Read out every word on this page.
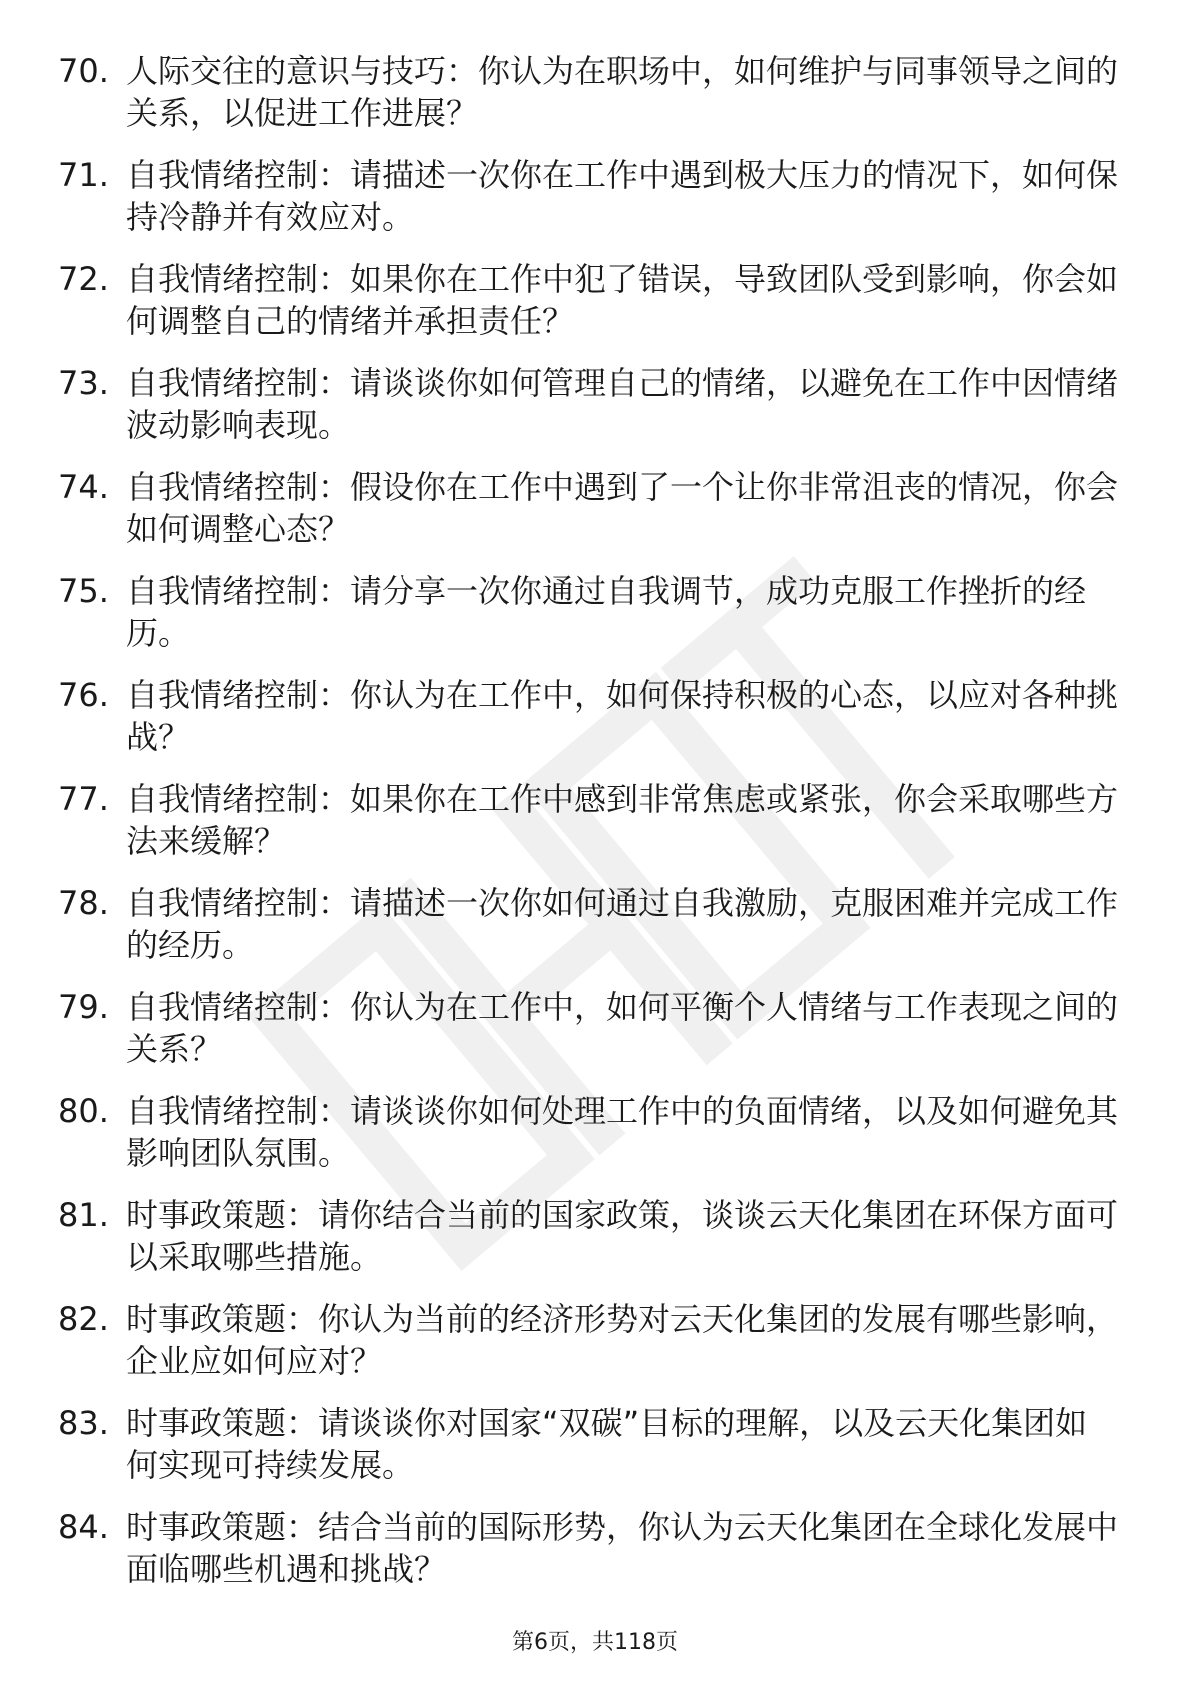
70. 人际交往的意识与技巧：你认为在职场中，如何维护与同事领导之间的关系，以促进工作进展？
71. 自我情绪控制：请描述一次你在工作中遇到极大压力的情况下，如何保持冷静并有效应对。
72. 自我情绪控制：如果你在工作中犯了错误，导致团队受到影响，你会如何调整自己的情绪并承担责任？
73. 自我情绪控制：请谈谈你如何管理自己的情绪，以避免在工作中因情绪波动影响表现。
74. 自我情绪控制：假设你在工作中遇到了一个让你非常沮丧的情况，你会如何调整心态？
75. 自我情绪控制：请分享一次你通过自我调节，成功克服工作挫折的经历。
76. 自我情绪控制：你认为在工作中，如何保持积极的心态，以应对各种挑战？
77. 自我情绪控制：如果你在工作中感到非常焦虑或紧张，你会采取哪些方法来缓解？
78. 自我情绪控制：请描述一次你如何通过自我激励，克服困难并完成工作的经历。
79. 自我情绪控制：你认为在工作中，如何平衡个人情绪与工作表现之间的关系？
80. 自我情绪控制：请谈谈你如何处理工作中的负面情绪，以及如何避免其影响团队氛围。
81. 时事政策题：请你结合当前的国家政策，谈谈云天化集团在环保方面可以采取哪些措施。
82. 时事政策题：你认为当前的经济形势对云天化集团的发展有哪些影响，企业应如何应对？
83. 时事政策题：请谈谈你对国家“双碳”目标的理解，以及云天化集团如何实现可持续发展。
84. 时事政策题：结合当前的国际形势，你认为云天化集团在全球化发展中面临哪些机遇和挑战？
第6页，共118页
